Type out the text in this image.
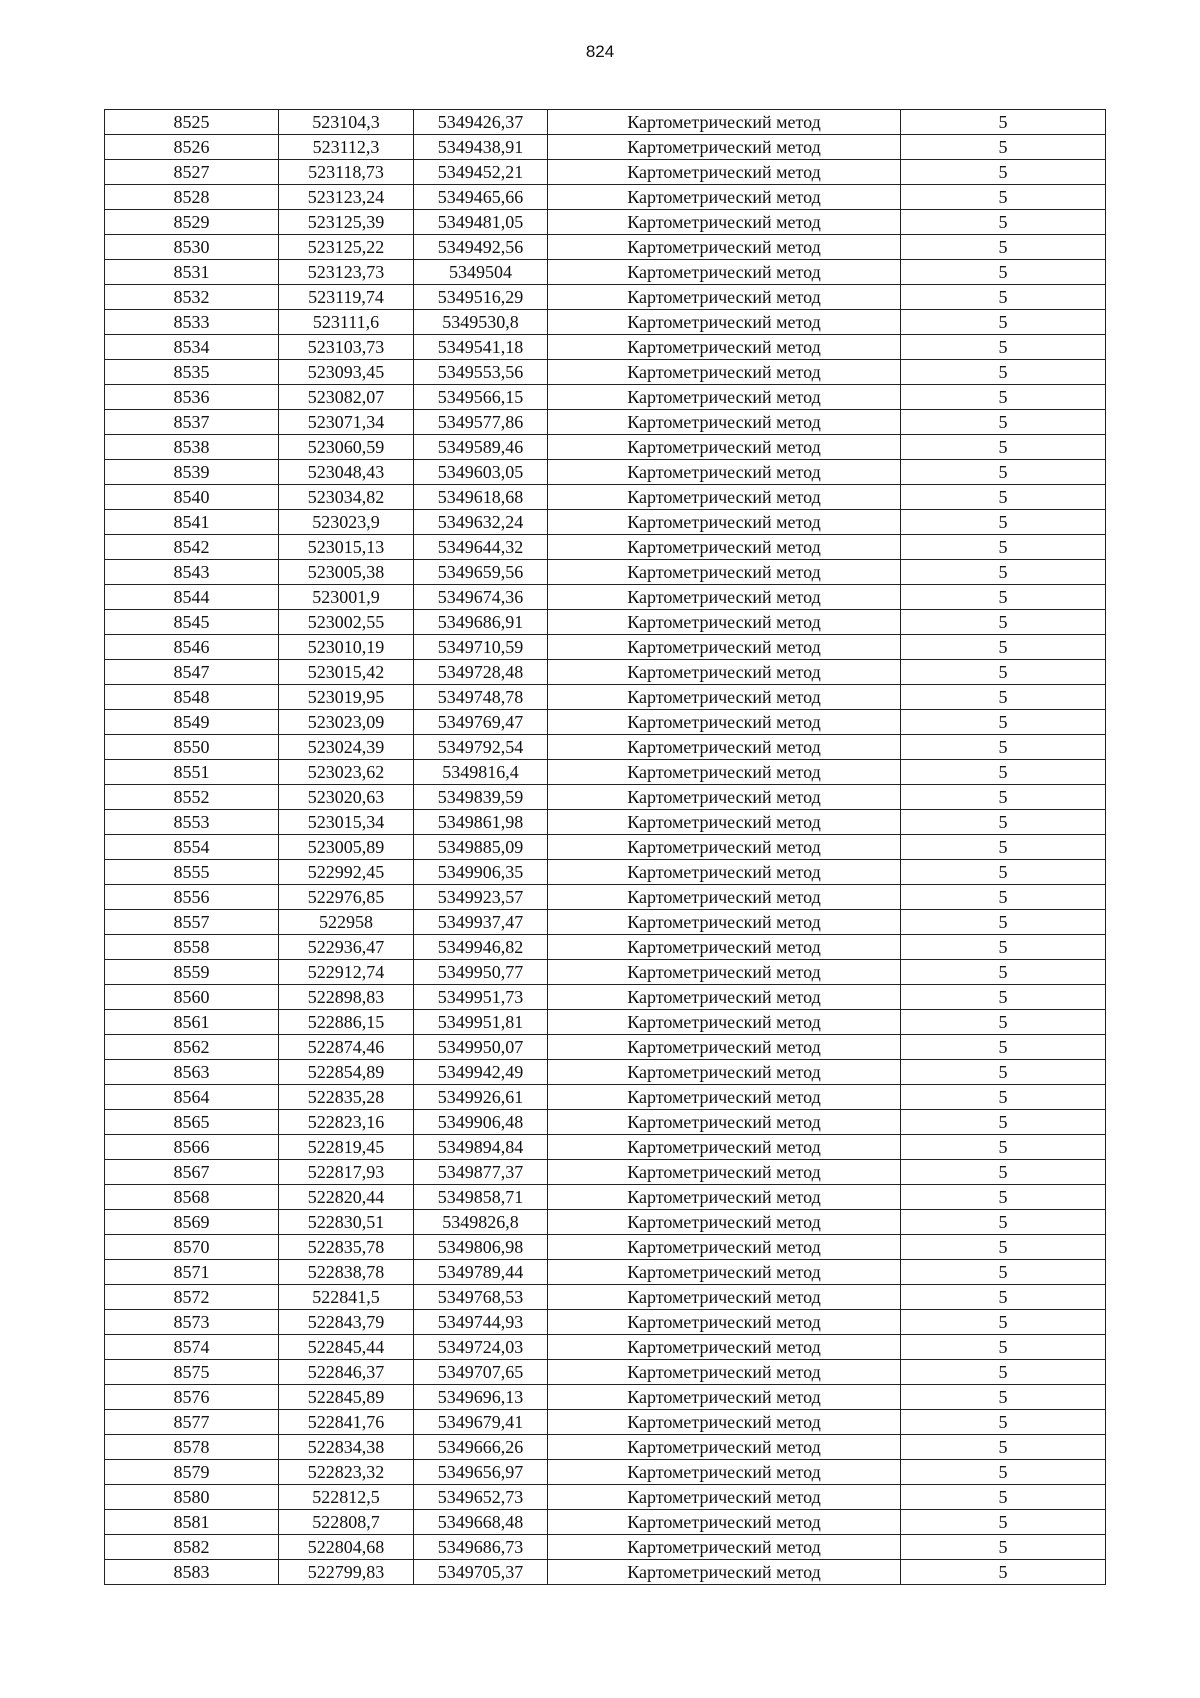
824
8525	523104,3	5349426,37	Картометрический метод	5
8526	523112,3	5349438,91	Картометрический метод	5
8527	523118,73	5349452,21	Картометрический метод	5
8528	523123,24	5349465,66	Картометрический метод	5
8529	523125,39	5349481,05	Картометрический метод	5
8530	523125,22	5349492,56	Картометрический метод	5
8531	523123,73	5349504	Картометрический метод	5
8532	523119,74	5349516,29	Картометрический метод	5
8533	523111,6	5349530,8	Картометрический метод	5
8534	523103,73	5349541,18	Картометрический метод	5
8535	523093,45	5349553,56	Картометрический метод	5
8536	523082,07	5349566,15	Картометрический метод	5
8537	523071,34	5349577,86	Картометрический метод	5
8538	523060,59	5349589,46	Картометрический метод	5
8539	523048,43	5349603,05	Картометрический метод	5
8540	523034,82	5349618,68	Картометрический метод	5
8541	523023,9	5349632,24	Картометрический метод	5
8542	523015,13	5349644,32	Картометрический метод	5
8543	523005,38	5349659,56	Картометрический метод	5
8544	523001,9	5349674,36	Картометрический метод	5
8545	523002,55	5349686,91	Картометрический метод	5
8546	523010,19	5349710,59	Картометрический метод	5
8547	523015,42	5349728,48	Картометрический метод	5
8548	523019,95	5349748,78	Картометрический метод	5
8549	523023,09	5349769,47	Картометрический метод	5
8550	523024,39	5349792,54	Картометрический метод	5
8551	523023,62	5349816,4	Картометрический метод	5
8552	523020,63	5349839,59	Картометрический метод	5
8553	523015,34	5349861,98	Картометрический метод	5
8554	523005,89	5349885,09	Картометрический метод	5
8555	522992,45	5349906,35	Картометрический метод	5
8556	522976,85	5349923,57	Картометрический метод	5
8557	522958	5349937,47	Картометрический метод	5
8558	522936,47	5349946,82	Картометрический метод	5
8559	522912,74	5349950,77	Картометрический метод	5
8560	522898,83	5349951,73	Картометрический метод	5
8561	522886,15	5349951,81	Картометрический метод	5
8562	522874,46	5349950,07	Картометрический метод	5
8563	522854,89	5349942,49	Картометрический метод	5
8564	522835,28	5349926,61	Картометрический метод	5
8565	522823,16	5349906,48	Картометрический метод	5
8566	522819,45	5349894,84	Картометрический метод	5
8567	522817,93	5349877,37	Картометрический метод	5
8568	522820,44	5349858,71	Картометрический метод	5
8569	522830,51	5349826,8	Картометрический метод	5
8570	522835,78	5349806,98	Картометрический метод	5
8571	522838,78	5349789,44	Картометрический метод	5
8572	522841,5	5349768,53	Картометрический метод	5
8573	522843,79	5349744,93	Картометрический метод	5
8574	522845,44	5349724,03	Картометрический метод	5
8575	522846,37	5349707,65	Картометрический метод	5
8576	522845,89	5349696,13	Картометрический метод	5
8577	522841,76	5349679,41	Картометрический метод	5
8578	522834,38	5349666,26	Картометрический метод	5
8579	522823,32	5349656,97	Картометрический метод	5
8580	522812,5	5349652,73	Картометрический метод	5
8581	522808,7	5349668,48	Картометрический метод	5
8582	522804,68	5349686,73	Картометрический метод	5
8583	522799,83	5349705,37	Картометрический метод	5
